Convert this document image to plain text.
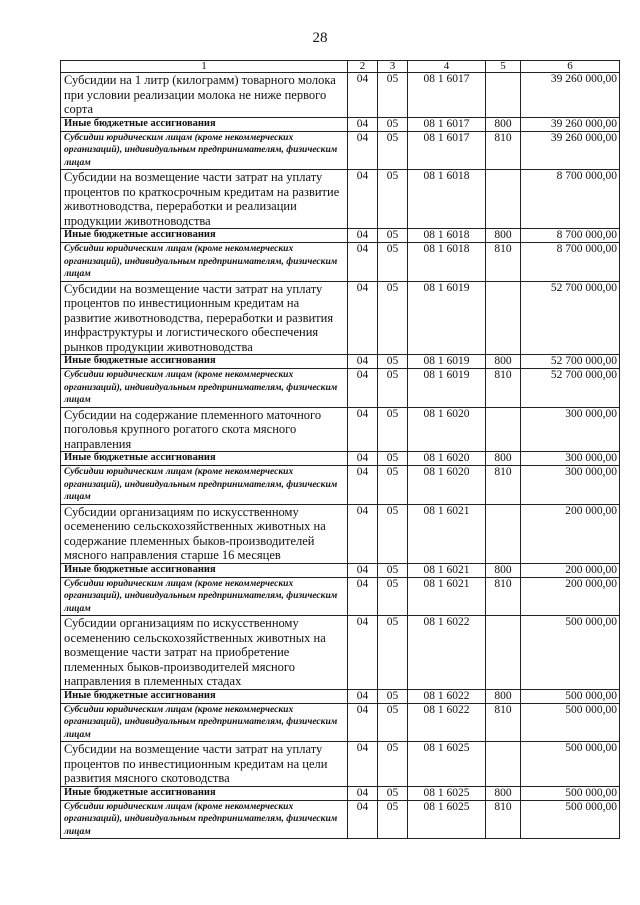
28
1	2	3	4	5	6
Субсидии на 1 литр (килограмм) товарного молока при условии реализации молока не ниже первого сорта	04	05	08 1 6017		39 260 000,00
Иные бюджетные ассигнования	04	05	08 1 6017	800	39 260 000,00
Субсидии юридическим лицам (кроме некоммерческих организаций), индивидуальным предпринимателям, физическим лицам	04	05	08 1 6017	810	39 260 000,00
Субсидии на возмещение части затрат на уплату процентов по краткосрочным кредитам на развитие животноводства, переработки и реализации продукции животноводства	04	05	08 1 6018		8 700 000,00
Иные бюджетные ассигнования	04	05	08 1 6018	800	8 700 000,00
Субсидии юридическим лицам (кроме некоммерческих организаций), индивидуальным предпринимателям, физическим лицам	04	05	08 1 6018	810	8 700 000,00
Субсидии на возмещение части затрат на уплату процентов по инвестиционным кредитам на развитие животноводства, переработки и развития инфраструктуры и логистического обеспечения рынков продукции животноводства	04	05	08 1 6019		52 700 000,00
Иные бюджетные ассигнования	04	05	08 1 6019	800	52 700 000,00
Субсидии юридическим лицам (кроме некоммерческих организаций), индивидуальным предпринимателям, физическим лицам	04	05	08 1 6019	810	52 700 000,00
Субсидии на содержание племенного маточного поголовья крупного рогатого скота мясного направления	04	05	08 1 6020		300 000,00
Иные бюджетные ассигнования	04	05	08 1 6020	800	300 000,00
Субсидии юридическим лицам (кроме некоммерческих организаций), индивидуальным предпринимателям, физическим лицам	04	05	08 1 6020	810	300 000,00
Субсидии организациям по искусственному осеменению сельскохозяйственных животных на содержание племенных быков-производителей мясного направления старше 16 месяцев	04	05	08 1 6021		200 000,00
Иные бюджетные ассигнования	04	05	08 1 6021	800	200 000,00
Субсидии юридическим лицам (кроме некоммерческих организаций), индивидуальным предпринимателям, физическим лицам	04	05	08 1 6021	810	200 000,00
Субсидии организациям по искусственному осеменению сельскохозяйственных животных на возмещение части затрат на приобретение племенных быков-производителей мясного направления в племенных стадах	04	05	08 1 6022		500 000,00
Иные бюджетные ассигнования	04	05	08 1 6022	800	500 000,00
Субсидии юридическим лицам (кроме некоммерческих организаций), индивидуальным предпринимателям, физическим лицам	04	05	08 1 6022	810	500 000,00
Субсидии на возмещение части затрат на уплату процентов по инвестиционным кредитам на цели развития мясного скотоводства	04	05	08 1 6025		500 000,00
Иные бюджетные ассигнования	04	05	08 1 6025	800	500 000,00
Субсидии юридическим лицам (кроме некоммерческих организаций), индивидуальным предпринимателям, физическим лицам	04	05	08 1 6025	810	500 000,00
